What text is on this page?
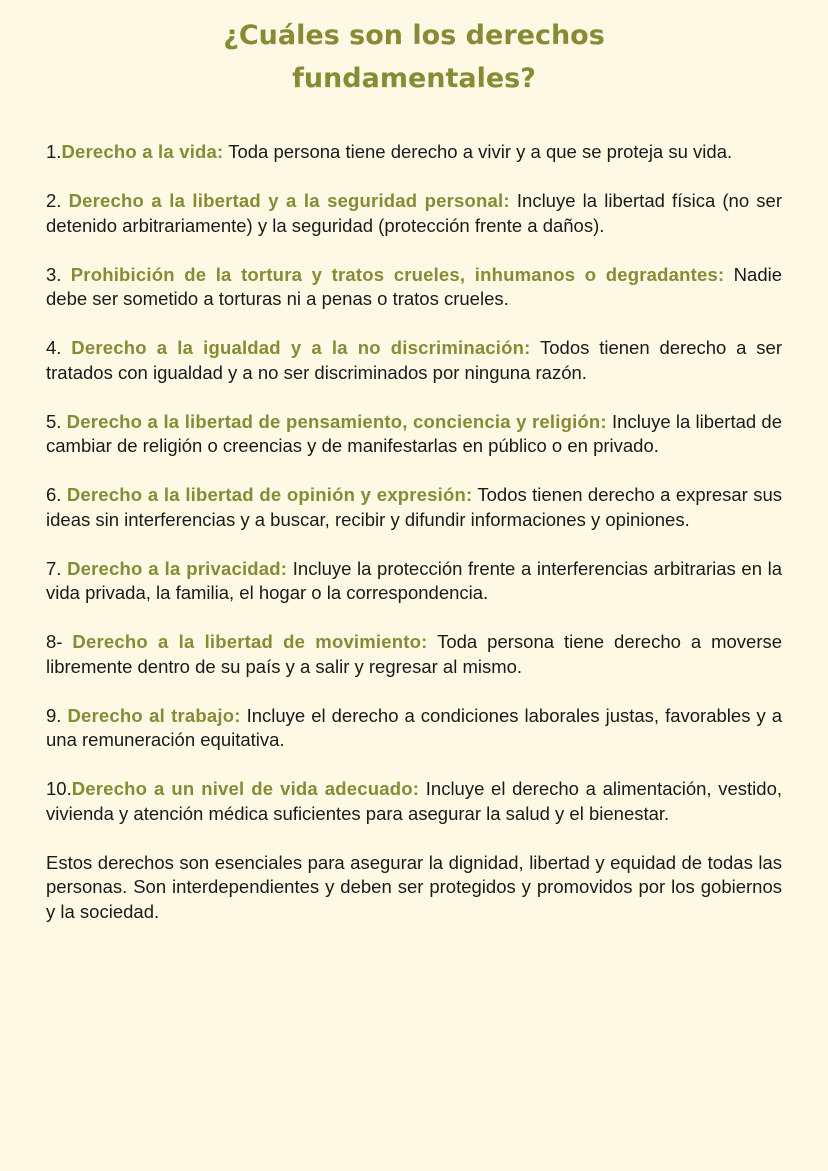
¿Cuáles son los derechos
fundamentales?

1.Derecho a la vida: Toda persona tiene derecho a vivir y a que se proteja su vida.

2. Derecho a la libertad y a la seguridad personal: Incluye la libertad física (no ser detenido arbitrariamente) y la seguridad (protección frente a daños).

3. Prohibición de la tortura y tratos crueles, inhumanos o degradantes: Nadie debe ser sometido a torturas ni a penas o tratos crueles.

4. Derecho a la igualdad y a la no discriminación: Todos tienen derecho a ser tratados con igualdad y a no ser discriminados por ninguna razón.

5. Derecho a la libertad de pensamiento, conciencia y religión: Incluye la libertad de cambiar de religión o creencias y de manifestarlas en público o en privado.

6. Derecho a la libertad de opinión y expresión: Todos tienen derecho a expresar sus ideas sin interferencias y a buscar, recibir y difundir informaciones y opiniones.

7. Derecho a la privacidad: Incluye la protección frente a interferencias arbitrarias en la vida privada, la familia, el hogar o la correspondencia.

8- Derecho a la libertad de movimiento: Toda persona tiene derecho a moverse libremente dentro de su país y a salir y regresar al mismo.

9. Derecho al trabajo: Incluye el derecho a condiciones laborales justas, favorables y a una remuneración equitativa.

10.Derecho a un nivel de vida adecuado: Incluye el derecho a alimentación, vestido, vivienda y atención médica suficientes para asegurar la salud y el bienestar.

Estos derechos son esenciales para asegurar la dignidad, libertad y equidad de todas las personas. Son interdependientes y deben ser protegidos y promovidos por los gobiernos y la sociedad.
